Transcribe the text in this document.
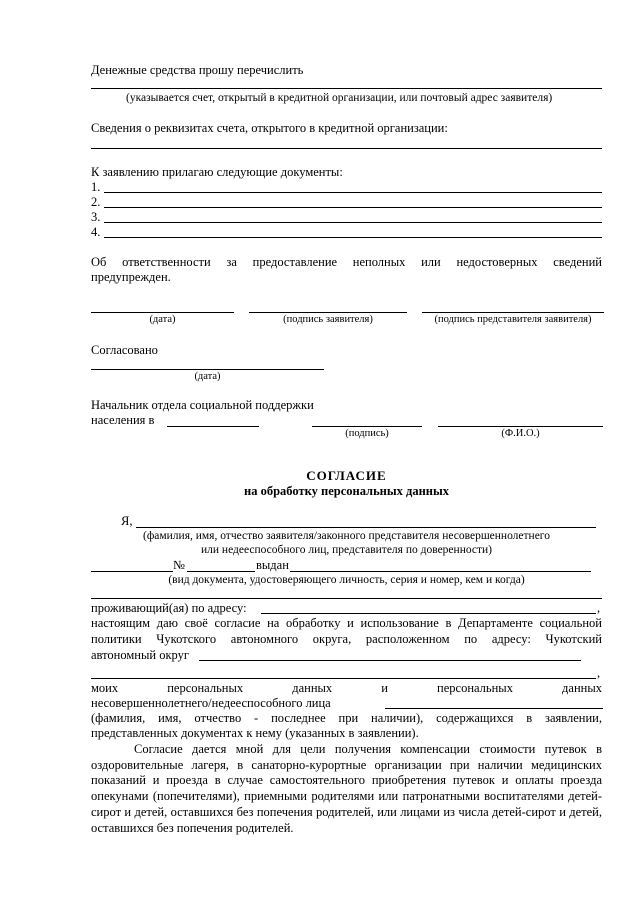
Денежные средства прошу перечислить
(указывается счет, открытый в кредитной организации, или почтовый адрес заявителя)
Сведения о реквизитах счета, открытого в кредитной организации:
К заявлению прилагаю следующие документы:
1.
2.
3.
4.
Об ответственности за предоставление неполных или недостоверных сведений
предупрежден.
(дата)	(подпись заявителя)	(подпись представителя заявителя)
Согласовано
(дата)
Начальник отдела социальной поддержки
населения в
(подпись)	(Ф.И.О.)
СОГЛАСИЕ
на обработку персональных данных
Я,
(фамилия, имя, отчество заявителя/законного представителя несовершеннолетнего
или недееспособного лиц, представителя по доверенности)
№	выдан
(вид документа, удостоверяющего личность, серия и номер, кем и когда)
проживающий(ая) по адресу:	,
настоящим даю своё согласие на обработку и использование в Департаменте социальной
политики Чукотского автономного округа, расположенном по адресу: Чукотский
автономный округ
,
моих персональных данных и персональных данных
несовершеннолетнего/недееспособного лица
(фамилия, имя, отчество - последнее при наличии), содержащихся в заявлении,
представленных документах к нему (указанных в заявлении).
Согласие дается мной для цели получения компенсации стоимости путевок в оздоровительные лагеря, в санаторно-курортные организации при наличии медицинских показаний и проезда в случае самостоятельного приобретения путевок и оплаты проезда опекунами (попечителями), приемными родителями или патронатными воспитателями детей-сирот и детей, оставшихся без попечения родителей, или лицами из числа детей-сирот и детей, оставшихся без попечения родителей.
